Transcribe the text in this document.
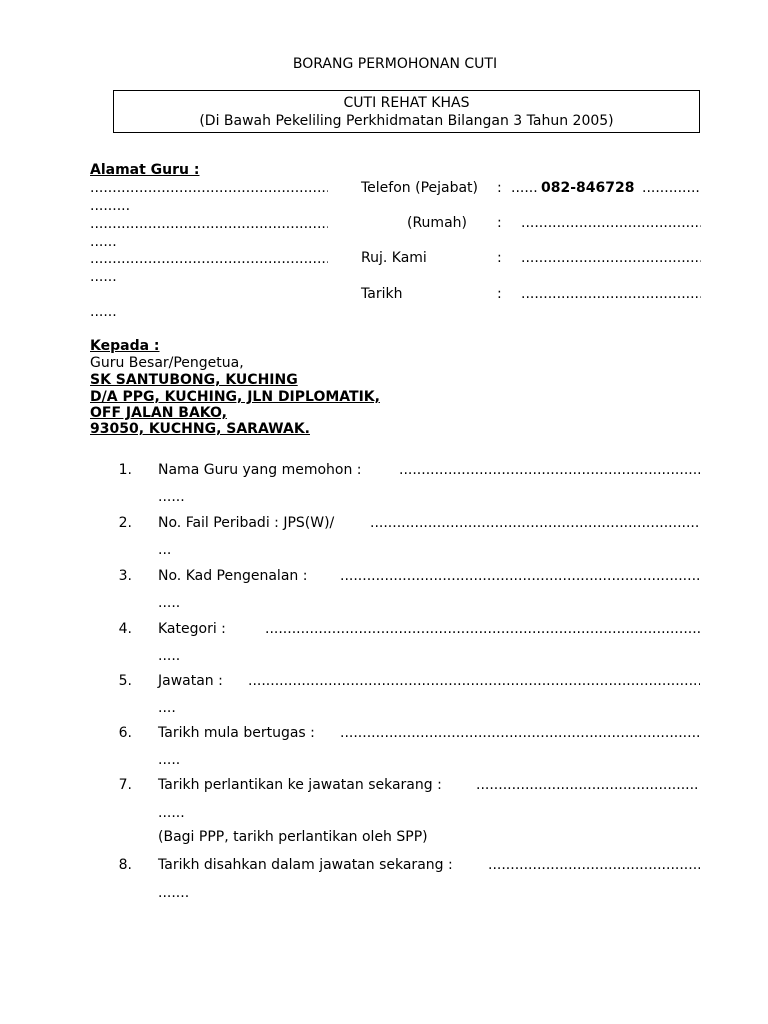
BORANG PERMOHONAN CUTI
CUTI REHAT KHAS
(Di Bawah Pekeliling Perkhidmatan Bilangan 3 Tahun 2005)
Alamat Guru :
.....
.........
.....
......
.....
......
......
Telefon (Pejabat) : ...... 082-846728
.....
(Rumah) :
.....
Ruj. Kami	:
.....
Tarikh	:
.....
Kepada :
Guru Besar/Pengetua,
SK SANTUBONG, KUCHING
D/A PPG, KUCHING, JLN DIPLOMATIK,
OFF JALAN BAKO,
93050, KUCHNG, SARAWAK.
1. Nama Guru yang memohon :
.....
......
2. No. Fail Peribadi : JPS(W)/
.....
...
3. No. Kad Pengenalan :
.....
.....
4. Kategori :
.....
.....
5. Jawatan :
.....
....
6. Tarikh mula bertugas :
.....
.....
7. Tarikh perlantikan ke jawatan sekarang :
.....
......
(Bagi PPP, tarikh perlantikan oleh SPP)
8. Tarikh disahkan dalam jawatan sekarang :
.....
.......
